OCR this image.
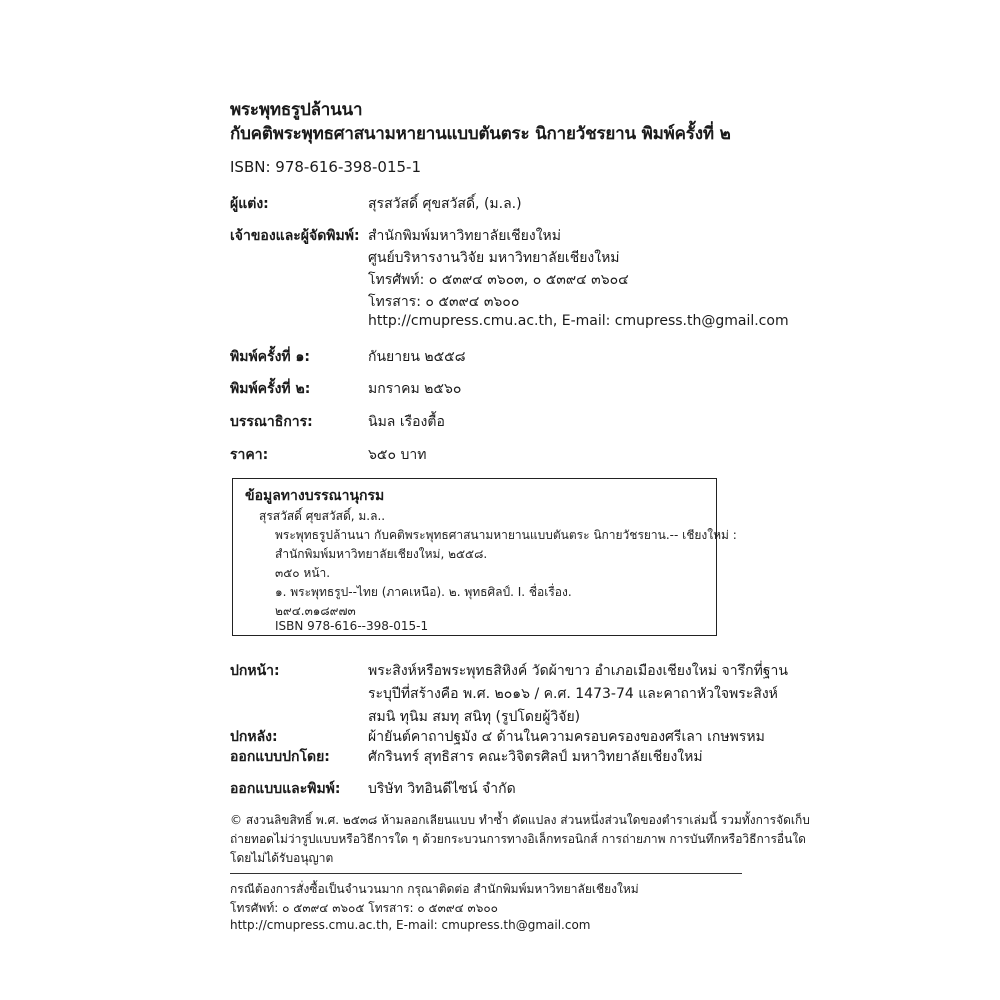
พระพุทธรูปล้านนา
กับคติพระพุทธศาสนามหายานแบบตันตระ นิกายวัชรยาน พิมพ์ครั้งที่ ๒
ISBN: 978-616-398-015-1
ผู้แต่ง:	สุรสวัสดิ์ ศุขสวัสดิ์, (ม.ล.)
เจ้าของและผู้จัดพิมพ์: สำนักพิมพ์มหาวิทยาลัยเชียงใหม่
ศูนย์บริหารงานวิจัย มหาวิทยาลัยเชียงใหม่
โทรศัพท์: ๐ ๕๓๙๔ ๓๖๐๓, ๐ ๕๓๙๔ ๓๖๐๔
โทรสาร: ๐ ๕๓๙๔ ๓๖๐๐
http://cmupress.cmu.ac.th, E-mail: cmupress.th@gmail.com
พิมพ์ครั้งที่ ๑:	กันยายน ๒๕๕๘
พิมพ์ครั้งที่ ๒:	มกราคม ๒๕๖๐
บรรณาธิการ:	นิมล เรืองตื้อ
ราคา:	๖๕๐ บาท
ข้อมูลทางบรรณานุกรม
สุรสวัสดิ์ ศุขสวัสดิ์, ม.ล..
พระพุทธรูปล้านนา กับคติพระพุทธศาสนามหายานแบบตันตระ นิกายวัชรยาน.-- เชียงใหม่ :
สำนักพิมพ์มหาวิทยาลัยเชียงใหม่, ๒๕๕๘.
๓๕๐ หน้า.
๑. พระพุทธรูป--ไทย (ภาคเหนือ). ๒. พุทธศิลป์. I. ชื่อเรื่อง.
๒๙๔.๓๑๘๙๗๓
ISBN 978-616--398-015-1
ปกหน้า:	พระสิงห์หรือพระพุทธสิหิงค์ วัดผ้าขาว อำเภอเมืองเชียงใหม่ จารึกที่ฐาน
ระบุปีที่สร้างคือ พ.ศ. ๒๐๑๖ / ค.ศ. 1473-74 และคาถาหัวใจพระสิงห์
สมนิ ทุนิม สมทุ สนิทุ (รูปโดยผู้วิจัย)
ปกหลัง:	ผ้ายันต์คาถาปฐมัง ๔ ด้านในความครอบครองของศรีเลา เกษพรหม
ออกแบบปกโดย:	ศักรินทร์ สุทธิสาร คณะวิจิตรศิลป์ มหาวิทยาลัยเชียงใหม่
ออกแบบและพิมพ์: บริษัท วิทอินดีไซน์ จำกัด
© สงวนลิขสิทธิ์ พ.ศ. ๒๕๓๘ ห้ามลอกเลียนแบบ ทำซ้ำ ดัดแปลง ส่วนหนึ่งส่วนใดของตำราเล่มนี้ รวมทั้งการจัดเก็บ
ถ่ายทอดไม่ว่ารูปแบบหรือวิธีการใด ๆ ด้วยกระบวนการทางอิเล็กทรอนิกส์ การถ่ายภาพ การบันทึกหรือวิธีการอื่นใด
โดยไม่ได้รับอนุญาต
กรณีต้องการสั่งซื้อเป็นจำนวนมาก กรุณาติดต่อ สำนักพิมพ์มหาวิทยาลัยเชียงใหม่
โทรศัพท์: ๐ ๕๓๙๔ ๓๖๐๕ โทรสาร: ๐ ๕๓๙๔ ๓๖๐๐
http://cmupress.cmu.ac.th, E-mail: cmupress.th@gmail.com
